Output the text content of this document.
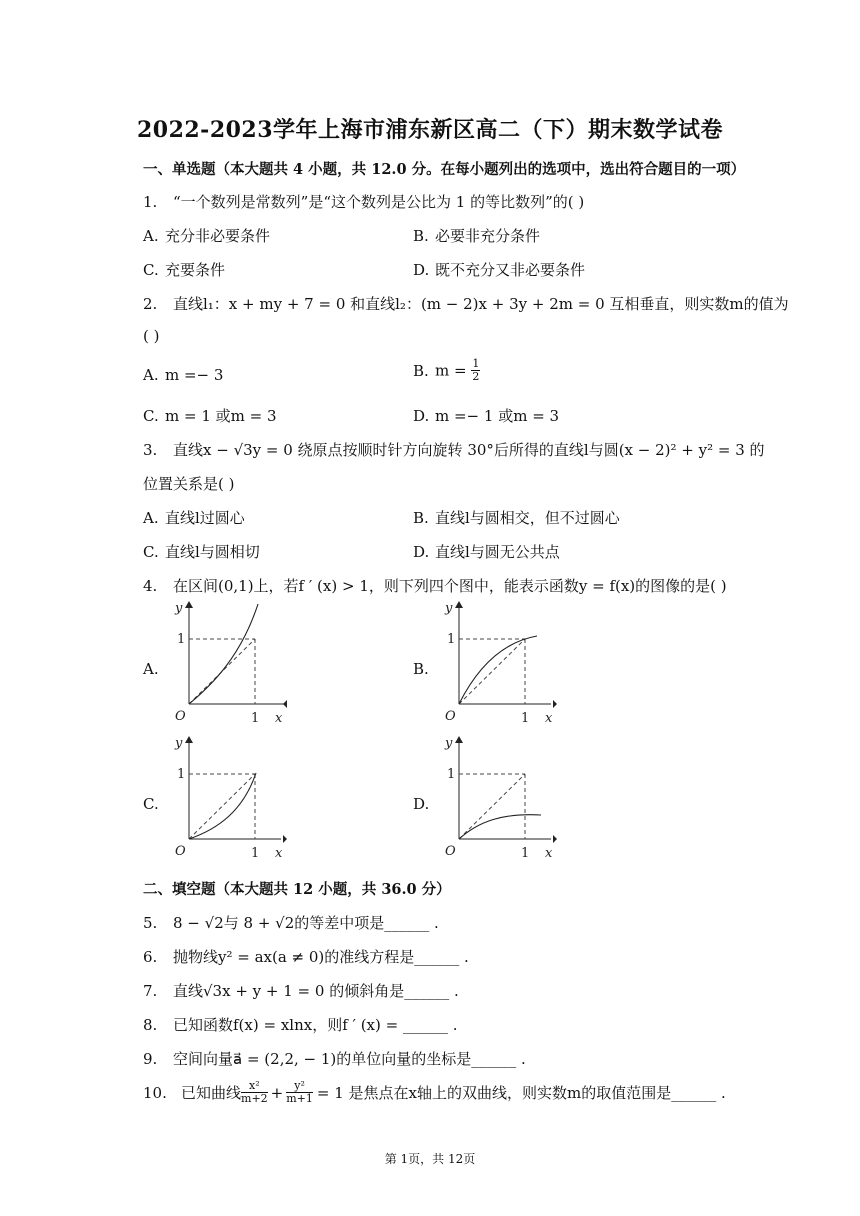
2022-2023学年上海市浦东新区高二（下）期末数学试卷
一、单选题（本大题共 4 小题，共 12.0 分。在每小题列出的选项中，选出符合题目的一项）
1. “一个数列是常数列”是“这个数列是公比为 1 的等比数列”的( )
A. 充分非必要条件	B. 必要非充分条件
C. 充要条件	D. 既不充分又非必要条件
2. 直线l₁：x + my + 7 = 0 和直线l₂：(m − 2)x + 3y + 2m = 0 互相垂直，则实数m的值为
( )
A. m =− 3	B. $m = \frac{1}{2}$
C. m = 1 或m = 3	D. m =− 1 或m = 3
3. 直线x − √3y = 0 绕原点按顺时针方向旋转 30°后所得的直线l与圆(x − 2)² + y² = 3 的
位置关系是( )
A. 直线l过圆心	B. 直线l与圆相交，但不过圆心
C. 直线l与圆相切	D. 直线l与圆无公共点
4. 在区间(0,1)上，若f ′ (x) > 1，则下列四个图中，能表示函数y = f(x)的图像的是( )
A.	B.
C.	D.
y
x
O
1
1
y
x
O
1
1
y
x
O
1
1
y
x
O
1
1
二、填空题（本大题共 12 小题，共 36.0 分）
5. 8 − √2与 8 + √2的等差中项是______ .
6. 抛物线y² = ax(a ≠ 0)的准线方程是______ .
7. 直线√3x + y + 1 = 0 的倾斜角是______ .
8. 已知函数f(x) = xlnx，则f ′ (x) = ______ .
9. 空间向量a⃗ = (2,2, − 1)的单位向量的坐标是______ .
10. 已知曲线 $\frac{\text{x²}}{m+2} + \frac{\text{y²}}{m+1} = 1$ 是焦点在x轴上的双曲线，则实数m的取值范围是______ .
第 1页，共 12页
